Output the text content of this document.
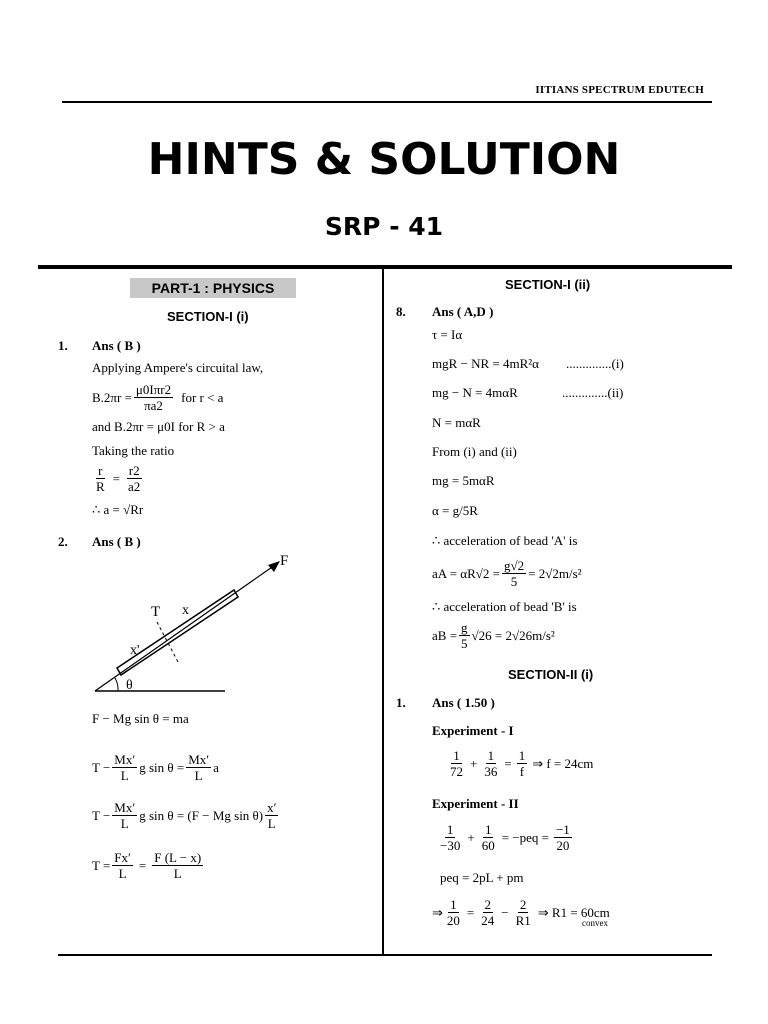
IITIANS SPECTRUM EDUTECH
HINTS & SOLUTION
SRP - 41
PART-1 : PHYSICS
SECTION-I (i)
1. Ans ( B )
Applying Ampere's circuital law,
$B.2\pi r = \frac{\text{μ0Iπr2}}{\pi a2}$ for r < a
and B.2πr = μ0I for R > a
Taking the ratio
$\frac{r}{R} = \frac{r2}{a2}$
∴ a = √Rr
2. Ans ( B )
F
T x
x'
θ
F − Mg sin θ = ma
$T - \frac{Mx'}{L}$ g $\sin \theta = \frac{Mx'}{L}$ a
$T - \frac{Mx'}{L}$ g sin θ = (F − Mg $\sin \theta) \frac{x'}{L}$
$T = \frac{Fx'}{L} = \frac{F (L - x)}{L}$
SECTION-I (ii)
8. Ans ( A,D )
τ = Iα
mgR − NR = 4mR²α ..............(i)
mg − N = 4mαR	..............(ii)
N = mαR
From (i) and (ii)
mg = 5mαR
α = g/5R
∴ acceleration of bead 'A' is
aA = $\alpha R√2 = \frac{g√2}{5} = 2√2m/s^2$
∴ acceleration of bead 'B' is
aB = $\frac{g}{5} √26 = 2√26m/s^2$
SECTION-II (i)
1. Ans ( 1.50 )
Experiment - I
$\frac{1}{72} + \frac{1}{36} = \frac{1}{f}$ ⇒ f = 24cm
Experiment - II
$\frac{1}{-30} + \frac{1}{60} = -peq = \frac{-1}{20}$
peq = 2pL + pm
⇒ $\frac{1}{20} = \frac{2}{24} - \frac{2}{R1}$ ⇒ R1 = 60cm
convex
